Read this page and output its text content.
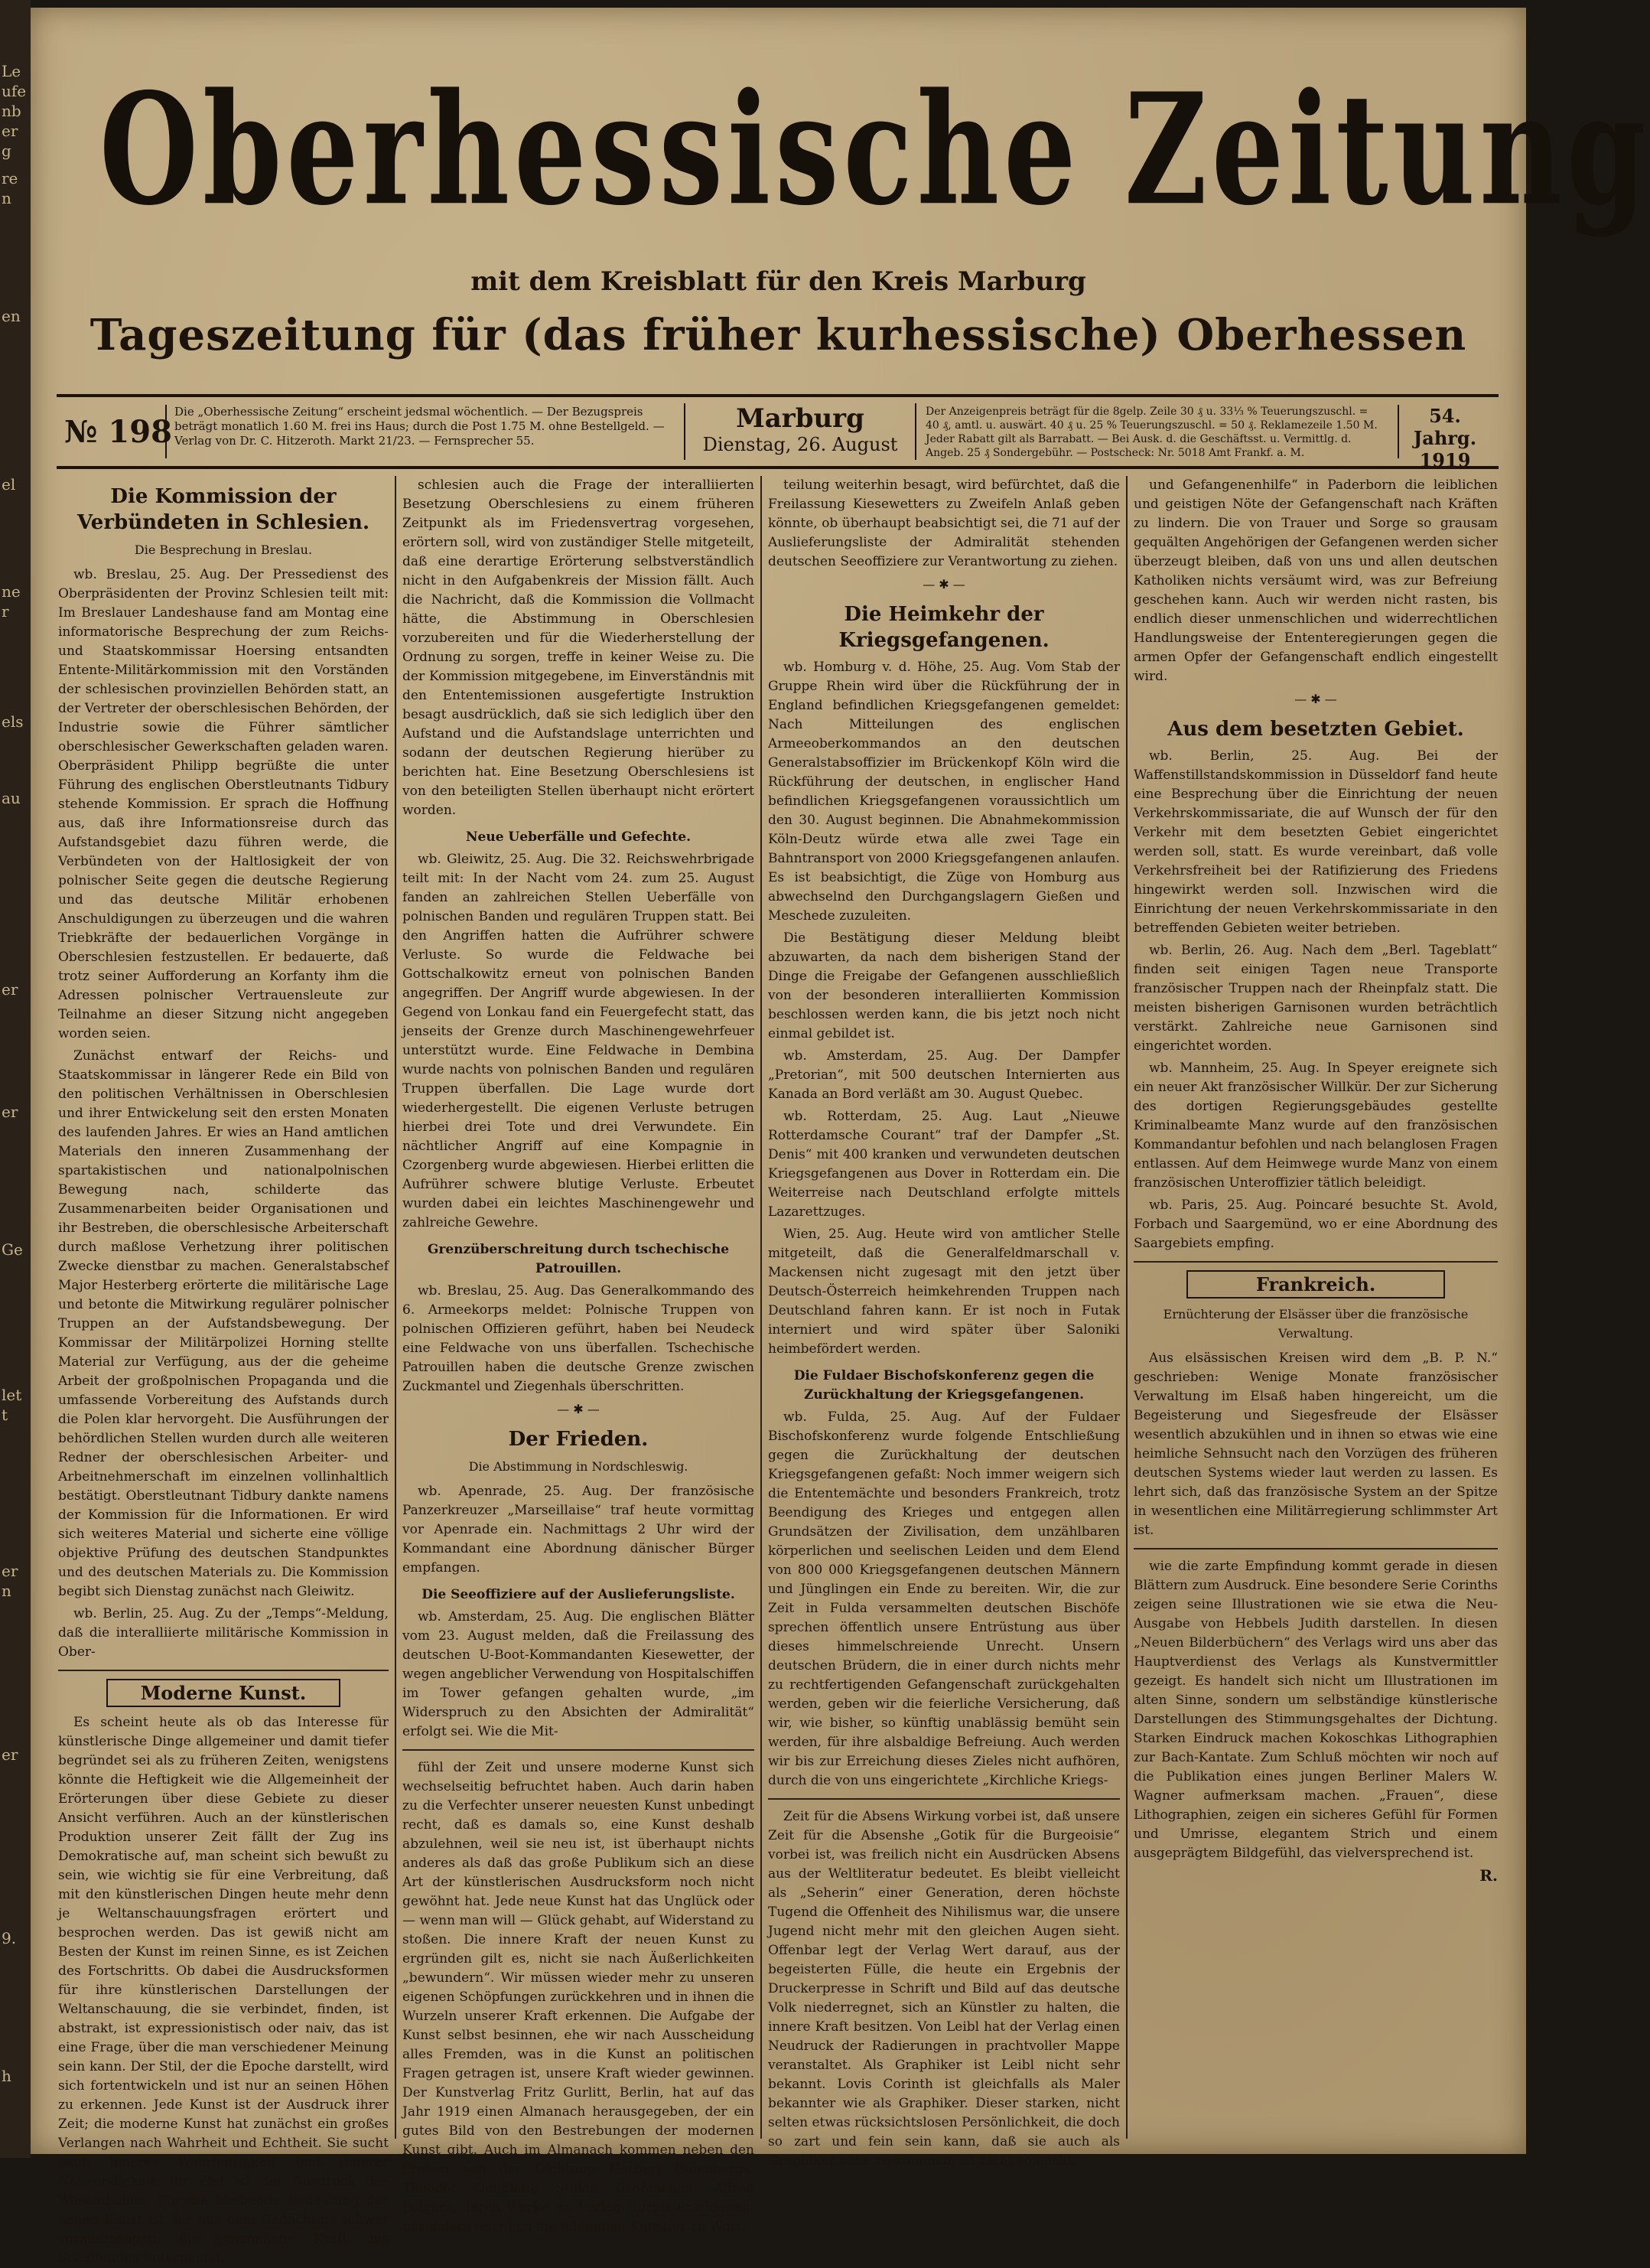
Leufenberg
ren
en
el
ner
els
au
er
er
Ge
lett
ern
er
9.
h
Oberhessische Zeitung
mit dem Kreisblatt für den Kreis Marburg
Tageszeitung für (das früher kurhessische) Oberhessen
№ 198
Die „Oberhessische Zeitung“ erscheint jedsmal wöchentlich. — Der Bezugspreis beträgt monatlich 1.60 M. frei ins Haus; durch die Post 1.75 M. ohne Bestellgeld. — Verlag von Dr. C. Hitzeroth. Markt 21/23. — Fernsprecher 55.
Marburg
Dienstag, 26. August
Der Anzeigenpreis beträgt für die 8gelp. Zeile 30 ₰ u. 33⅓ % Teuerungszuschl. = 40 ₰, amtl. u. auswärt. 40 ₰ u. 25 % Teuerungszuschl. = 50 ₰. Reklamezeile 1.50 M. Jeder Rabatt gilt als Barrabatt. — Bei Ausk. d. die Geschäftsst. u. Vermittlg. d. Angeb. 25 ₰ Sondergebühr. — Postscheck: Nr. 5018 Amt Frankf. a. M.
54. Jahrg.
1919
Die Kommission der Verbündeten in Schlesien.
Die Besprechung in Breslau.

wb. Breslau, 25. Aug. Der Pressedienst des Oberpräsidenten der Provinz Schlesien teilt mit: Im Breslauer Landeshause fand am Montag eine informatorische Besprechung der zum Reichs- und Staatskommissar Hoersing entsandten Ententе-Militärkommission mit den Vorständen der schlesischen provinziellen Behörden statt, an der Vertreter der oberschlesischen Behörden, der Industrie sowie die Führer sämtlicher oberschlesischer Gewerkschaften geladen waren. Oberpräsident Philipp begrüßte die unter Führung des englischen Oberstleutnants Tidbury stehende Kommission. Er sprach die Hoffnung aus, daß ihre Informationsreise durch das Aufstandsgebiet dazu führen werde, die Verbündeten von der Haltlosigkeit der von polnischer Seite gegen die deutsche Regierung und das deutsche Militär erhobenen Anschuldigungen zu überzeugen und die wahren Triebkräfte der bedauerlichen Vorgänge in Oberschlesien festzustellen. Er bedauerte, daß trotz seiner Aufforderung an Korfanty ihm die Adressen polnischer Vertrauensleute zur Teilnahme an dieser Sitzung nicht angegeben worden seien.

Zunächst entwarf der Reichs- und Staatskommissar in längerer Rede ein Bild von den politischen Verhältnissen in Oberschlesien und ihrer Entwickelung seit den ersten Monaten des laufenden Jahres. Er wies an Hand amtlichen Materials den inneren Zusammenhang der spartakistischen und nationalpolnischen Bewegung nach, schilderte das Zusammenarbeiten beider Organisationen und ihr Bestreben, die oberschlesische Arbeiterschaft durch maßlose Verhetzung ihrer politischen Zwecke dienstbar zu machen. Generalstabschef Major Hesterberg erörterte die militärische Lage und betonte die Mitwirkung regulärer polnischer Truppen an der Aufstandsbewegung. Der Kommissar der Militärpolizei Horning stellte Material zur Verfügung, aus der die geheime Arbeit der großpolnischen Propaganda und die umfassende Vorbereitung des Aufstands durch die Polen klar hervorgeht. Die Ausführungen der behördlichen Stellen wurden durch alle weiteren Redner der oberschlesischen Arbeiter- und Arbeitnehmerschaft im einzelnen vollinhaltlich bestätigt. Oberstleutnant Tidbury dankte namens der Kommission für die Informationen. Er wird sich weiteres Material und sicherte eine völlige objektive Prüfung des deutschen Standpunktes und des deutschen Materials zu. Die Kommission begibt sich Dienstag zunächst nach Gleiwitz.

wb. Berlin, 25. Aug. Zu der „Temps“-Meldung, daß die interalliierte militärische Kommission in Ober-

Moderne Kunst.

Es scheint heute als ob das Interesse für künstlerische Dinge allgemeiner und damit tiefer begründet sei als zu früheren Zeiten, wenigstens könnte die Heftigkeit wie die Allgemeinheit der Erörterungen über diese Gebiete zu dieser Ansicht verführen. Auch an der künstlerischen Produktion unserer Zeit fällt der Zug ins Demokratische auf, man scheint sich bewußt zu sein, wie wichtig sie für eine Verbreitung, daß mit den künstlerischen Dingen heute mehr denn je Weltanschauungsfragen erörtert und besprochen werden. Das ist gewiß nicht am Besten der Kunst im reinen Sinne, es ist Zeichen des Fortschritts. Ob dabei die Ausdrucksformen für ihre künstlerischen Darstellungen der Weltanschauung, die sie verbindet, finden, ist abstrakt, ist expressionistisch oder naiv, das ist eine Frage, über die man verschiedener Meinung sein kann. Der Stil, der die Epoche darstellt, wird sich fortentwickeln und ist nur an seinen Höhen zu erkennen. Jede Kunst ist der Ausdruck ihrer Zeit; die moderne Kunst hat zunächst ein großes Verlangen nach Wahrheit und Echtheit. Sie sucht nach innerer Wahrhaftigkeit und innerer Notwendigkeit, ihr Ziel ist der Ausdruck des Wesentlichen. Für die bleibende Bedeutung der neuen Kunst ist das aus dem Gedächtnis schwer vorauszusagen; die persönliche Kraft des Schaffenden entscheidet.

schlesien auch die Frage der interalliierten Besetzung Oberschlesiens zu einem früheren Zeitpunkt als im Friedensvertrag vorgesehen, erörtern soll, wird von zuständiger Stelle mitgeteilt, daß eine derartige Erörterung selbstverständlich nicht in den Aufgabenkreis der Mission fällt. Auch die Nachricht, daß die Kommission die Vollmacht hätte, die Abstimmung in Oberschlesien vorzubereiten und für die Wiederherstellung der Ordnung zu sorgen, treffe in keiner Weise zu. Die der Kommission mitgegebene, im Einverständnis mit den Ententemissionen ausgefertigte Instruktion besagt ausdrücklich, daß sie sich lediglich über den Aufstand und die Aufstandslage unterrichten und sodann der deutschen Regierung hierüber zu berichten hat. Eine Besetzung Oberschlesiens ist von den beteiligten Stellen überhaupt nicht erörtert worden.

Neue Ueberfälle und Gefechte.

wb. Gleiwitz, 25. Aug. Die 32. Reichswehrbrigade teilt mit: In der Nacht vom 24. zum 25. August fanden an zahlreichen Stellen Ueberfälle von polnischen Banden und regulären Truppen statt. Bei den Angriffen hatten die Aufrührer schwere Verluste. So wurde die Feldwache bei Gottschalkowitz erneut von polnischen Banden angegriffen. Der Angriff wurde abgewiesen. In der Gegend von Lonkau fand ein Feuergefecht statt, das jenseits der Grenze durch Maschinengewehrfeuer unterstützt wurde. Eine Feldwache in Dembina wurde nachts von polnischen Banden und regulären Truppen überfallen. Die Lage wurde dort wiederhergestellt. Die eigenen Verluste betrugen hierbei drei Tote und drei Verwundete. Ein nächtlicher Angriff auf eine Kompagnie in Czorgenberg wurde abgewiesen. Hierbei erlitten die Aufrührer schwere blutige Verluste. Erbeutet wurden dabei ein leichtes Maschinengewehr und zahlreiche Gewehre.

Grenzüberschreitung durch tschechische Patrouillen.

wb. Breslau, 25. Aug. Das Generalkommando des 6. Armeekorps meldet: Polnische Truppen von polnischen Offizieren geführt, haben bei Neudeck eine Feldwache von uns überfallen. Tschechische Patrouillen haben die deutsche Grenze zwischen Zuckmantel und Ziegenhals überschritten.

— ✱ —
Der Frieden.
Die Abstimmung in Nordschleswig.

wb. Apenrade, 25. Aug. Der französische Panzerkreuzer „Marseillaise“ traf heute vormittag vor Apenrade ein. Nachmittags 2 Uhr wird der Kommandant eine Abordnung dänischer Bürger empfangen.

Die Seeoffiziere auf der Auslieferungsliste.

wb. Amsterdam, 25. Aug. Die englischen Blätter vom 23. August melden, daß die Freilassung des deutschen U-Boot-Kommandanten Kiesewetter, der wegen angeblicher Verwendung von Hospitalschiffen im Tower gefangen gehalten wurde, „im Widerspruch zu den Absichten der Admiralität“ erfolgt sei. Wie die Mit-

fühl der Zeit und unsere moderne Kunst sich wechselseitig befruchtet haben. Auch darin haben zu die Verfechter unserer neuesten Kunst unbedingt recht, daß es damals so, eine Kunst deshalb abzulehnen, weil sie neu ist, ist überhaupt nichts anderes als daß das große Publikum sich an diese Art der künstlerischen Ausdrucksform noch nicht gewöhnt hat. Jede neue Kunst hat das Unglück oder — wenn man will — Glück gehabt, auf Widerstand zu stoßen. Die innere Kraft der neuen Kunst zu ergründen gilt es, nicht sie nach Äußerlichkeiten „bewundern“. Wir müssen wieder mehr zu unseren eigenen Schöpfungen zurückkehren und in ihnen die Wurzeln unserer Kraft erkennen. Die Aufgabe der Kunst selbst besinnen, ehe wir nach Ausscheidung alles Fremden, was in die Kunst an politischen Fragen getragen ist, unsere Kraft wieder gewinnen. Der Kunstverlag Fritz Gurlitt, Berlin, hat auf das Jahr 1919 einen Almanach herausgegeben, der ein gutes Bild von den Bestrebungen der modernen Kunst gibt. Auch im Almanach kommen neben den Proben von der Dichtung Herbert Eulenbergs, Theodor Däublers, Stefan Großmanns, Alfred Polgars, deren Werke im Verlag Gurlitt erschienen, besonders reichlich die bildenden Künstler zu Wort.

teilung weiterhin besagt, wird befürchtet, daß die Freilassung Kiesewetters zu Zweifeln Anlaß geben könnte, ob überhaupt beabsichtigt sei, die 71 auf der Auslieferungsliste der Admiralität stehenden deutschen Seeoffiziere zur Verantwortung zu ziehen.

— ✱ —
Die Heimkehr der Kriegsgefangenen.

wb. Homburg v. d. Höhe, 25. Aug. Vom Stab der Gruppe Rhein wird über die Rückführung der in England befindlichen Kriegsgefangenen gemeldet: Nach Mitteilungen des englischen Armeeoberkommandos an den deutschen Generalstabsoffizier im Brückenkopf Köln wird die Rückführung der deutschen, in englischer Hand befindlichen Kriegsgefangenen voraussichtlich um den 30. August beginnen. Die Abnahmekommission Köln-Deutz würde etwa alle zwei Tage ein Bahntransport von 2000 Kriegsgefangenen anlaufen. Es ist beabsichtigt, die Züge von Homburg aus abwechselnd den Durchgangslagern Gießen und Meschede zuzuleiten.

Die Bestätigung dieser Meldung bleibt abzuwarten, da nach dem bisherigen Stand der Dinge die Freigabe der Gefangenen ausschließlich von der besonderen interalliierten Kommission beschlossen werden kann, die bis jetzt noch nicht einmal gebildet ist.

wb. Amsterdam, 25. Aug. Der Dampfer „Pretorian“, mit 500 deutschen Internierten aus Kanada an Bord verläßt am 30. August Quebec.

wb. Rotterdam, 25. Aug. Laut „Nieuwe Rotterdamsche Courant“ traf der Dampfer „St. Denis“ mit 400 kranken und verwundeten deutschen Kriegsgefangenen aus Dover in Rotterdam ein. Die Weiterreise nach Deutschland erfolgte mittels Lazarettzuges.

Wien, 25. Aug. Heute wird von amtlicher Stelle mitgeteilt, daß die Generalfeldmarschall v. Mackensen nicht zugesagt mit den jetzt über Deutsch-Österreich heimkehrenden Truppen nach Deutschland fahren kann. Er ist noch in Futak interniert und wird später über Saloniki heimbefördert werden.

Die Fuldaer Bischofskonferenz gegen die Zurückhaltung der Kriegsgefangenen.

wb. Fulda, 25. Aug. Auf der Fuldaer Bischofskonferenz wurde folgende Entschließung gegen die Zurückhaltung der deutschen Kriegsgefangenen gefaßt: Noch immer weigern sich die Ententemächte und besonders Frankreich, trotz Beendigung des Krieges und entgegen allen Grundsätzen der Zivilisation, dem unzählbaren körperlichen und seelischen Leiden und dem Elend von 800 000 Kriegsgefangenen deutschen Männern und Jünglingen ein Ende zu bereiten. Wir, die zur Zeit in Fulda versammelten deutschen Bischöfe sprechen öffentlich unsere Entrüstung aus über dieses himmelschreiende Unrecht. Unsern deutschen Brüdern, die in einer durch nichts mehr zu rechtfertigenden Gefangenschaft zurückgehalten werden, geben wir die feierliche Versicherung, daß wir, wie bisher, so künftig unablässig bemüht sein werden, für ihre alsbaldige Befreiung. Auch werden wir bis zur Erreichung dieses Zieles nicht aufhören, durch die von uns eingerichtete „Kirchliche Kriegs-

Zeit für die Absens Wirkung vorbei ist, daß unsere Zeit für die Absenshe „Gotik für die Burgeoisie“ vorbei ist, was freilich nicht ein Ausdrücken Absens aus der Weltliteratur bedeutet. Es bleibt vielleicht als „Seherin“ einer Generation, deren höchste Tugend die Offenheit des Nihilismus war, die unsere Jugend nicht mehr mit den gleichen Augen sieht. Offenbar legt der Verlag Wert darauf, aus der begeisterten Fülle, die heute ein Ergebnis der Druckerpresse in Schrift und Bild auf das deutsche Volk niederregnet, sich an Künstler zu halten, die innere Kraft besitzen. Von Leibl hat der Verlag einen Neudruck der Radierungen in prachtvoller Mappe veranstaltet. Als Graphiker ist Leibl nicht sehr bekannt. Lovis Corinth ist gleichfalls als Maler bekannter wie als Graphiker. Dieser starken, nicht selten etwas rücksichtslosen Persönlichkeit, die doch so zart und fein sein kann, daß sie auch als Graphiker nahe zu kommen, ist nicht so leicht.

und Gefangenenhilfe“ in Paderborn die leiblichen und geistigen Nöte der Gefangenschaft nach Kräften zu lindern. Die von Trauer und Sorge so grausam gequälten Angehörigen der Gefangenen werden sicher überzeugt bleiben, daß von uns und allen deutschen Katholiken nichts versäumt wird, was zur Befreiung geschehen kann. Auch wir werden nicht rasten, bis endlich dieser unmenschlichen und widerrechtlichen Handlungsweise der Ententeregierungen gegen die armen Opfer der Gefangenschaft endlich eingestellt wird.

— ✱ —
Aus dem besetzten Gebiet.

wb. Berlin, 25. Aug. Bei der Waffenstillstandskommission in Düsseldorf fand heute eine Besprechung über die Einrichtung der neuen Verkehrskommissariate, die auf Wunsch der für den Verkehr mit dem besetzten Gebiet eingerichtet werden soll, statt. Es wurde vereinbart, daß volle Verkehrsfreiheit bei der Ratifizierung des Friedens hingewirkt werden soll. Inzwischen wird die Einrichtung der neuen Verkehrskommissariate in den betreffenden Gebieten weiter betrieben.

wb. Berlin, 26. Aug. Nach dem „Berl. Tageblatt“ finden seit einigen Tagen neue Transporte französischer Truppen nach der Rheinpfalz statt. Die meisten bisherigen Garnisonen wurden beträchtlich verstärkt. Zahlreiche neue Garnisonen sind eingerichtet worden.

wb. Mannheim, 25. Aug. In Speyer ereignete sich ein neuer Akt französischer Willkür. Der zur Sicherung des dortigen Regierungsgebäudes gestellte Kriminalbeamte Manz wurde auf den französischen Kommandantur befohlen und nach belanglosen Fragen entlassen. Auf dem Heimwege wurde Manz von einem französischen Unteroffizier tätlich beleidigt.

wb. Paris, 25. Aug. Poincaré besuchte St. Avold, Forbach und Saargemünd, wo er eine Abordnung des Saargebiets empfing.

Frankreich.
Ernüchterung der Elsässer über die französische Verwaltung.

Aus elsässischen Kreisen wird dem „B. P. N.“ geschrieben: Wenige Monate französischer Verwaltung im Elsaß haben hingereicht, um die Begeisterung und Siegesfreude der Elsässer wesentlich abzukühlen und in ihnen so etwas wie eine heimliche Sehnsucht nach den Vorzügen des früheren deutschen Systems wieder laut werden zu lassen. Es lehrt sich, daß das französische System an der Spitze in wesentlichen eine Militärregierung schlimmster Art ist.

wie die zarte Empfindung kommt gerade in diesen Blättern zum Ausdruck. Eine besondere Serie Corinths zeigen seine Illustrationen wie sie etwa die Neu-Ausgabe von Hebbels Judith darstellen. In diesen „Neuen Bilderbüchern“ des Verlags wird uns aber das Hauptverdienst des Verlags als Kunstvermittler gezeigt. Es handelt sich nicht um Illustrationen im alten Sinne, sondern um selbständige künstlerische Darstellungen des Stimmungsgehaltes der Dichtung. Starken Eindruck machen Kokoschkas Lithographien zur Bach-Kantate. Zum Schluß möchten wir noch auf die Publikation eines jungen Berliner Malers W. Wagner aufmerksam machen. „Frauen“, diese Lithographien, zeigen ein sicheres Gefühl für Formen und Umrisse, elegantem Strich und einem ausgeprägtem Bildgefühl, das vielversprechend ist.

R.
